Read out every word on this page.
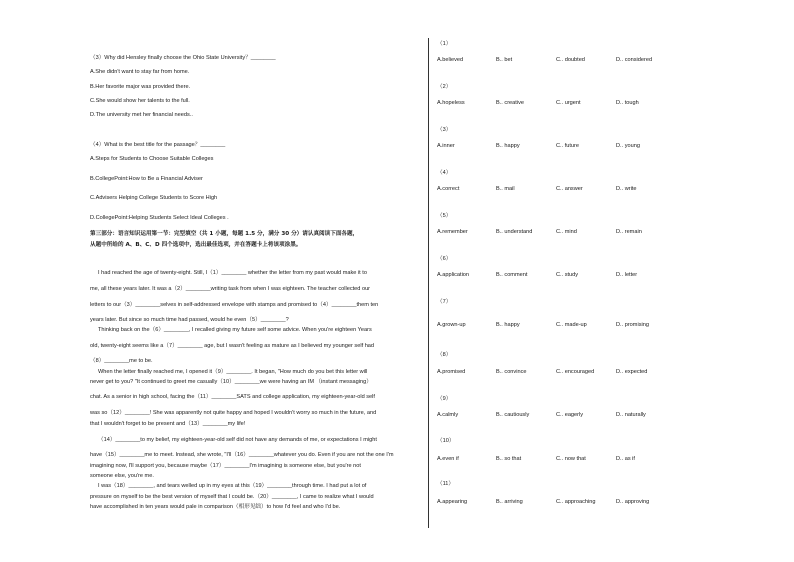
（3）Why did Hensley finally choose the Ohio State University？________
A.She didn't want to stay far from home.
B.Her favorite major was provided there.
C.She would show her talents to the full.
D.The university met her financial needs..
（4）What is the best title for the passage？________
A.Steps for Students to Choose Suitable Colleges
B.CollegePoint:How to Be a Financial Adviser
C.Advisers Helping College Students to Score High
D.CollegePoint:Helping Students Select Ideal Colleges .
第三部分：语言知识运用第一节：完型填空（共 1 小题，每题 1.5 分，满分 30 分）请认真阅读下面各题，
从题中所给的 A、B、C、D 四个选项中，选出最佳选项，并在答题卡上将该项涂黑。
I had reached the age of twenty-eight. Still, I（1）________ whether the letter from my past would make it to
me, all these years later. It was a（2）________writing task from when I was eighteen. The teacher collected our
letters to our（3）________selves in self-addressed envelope with stamps and promised to（4）________them ten
years later. But since so much time had passed, would he even（5）________?
Thinking back on the（6）________, I recalled giving my future self some advice. When you're eighteen Years
old, twenty-eight seems like a（7）________ age, but I wasn't feeling as mature as I believed my younger self had
（8）________me to be.
When the letter finally reached me, I opened it（9）________. It began, "How much do you bet this letter will
never get to you? "It continued to greet me casually（10）________we were having an IM （instant messaging）
chat. As a senior in high school, facing the（11）________SATS and college application, my eighteen-year-old self
was so（12）________! She was apparently not quite happy and hoped I wouldn't worry so much in the future, and
that I wouldn't forget to be present and（13）________my life!
（14）________to my belief, my eighteen-year-old self did not have any demands of me, or expectations I might
have（15）________me to meet. Instead, she wrote, "I'll（16）________whatever you do. Even if you are not the one I'm
imagining now, I'll support you, because maybe（17）________I'm imagining is someone else, but you're not
someone else, you're me.
I was（18）________, and tears welled up in my eyes at this（19）________through time. I had put a lot of
pressure on myself to be the best version of myself that I could be.（20）________, I came to realize what I would
have accomplished in ten years would pale in comparison（相形见绌）to how I'd feel and who I'd be.
（1）
A.believed	B.. bet	C.. doubted	D.. considered
（2）
A.hopeless	B.. creative	C.. urgent	D.. tough
（3）
A.inner	B.. happy	C.. future	D.. young
（4）
A.correct	B.. mail	C.. answer	D.. write
（5）
A.remember	B.. understand	C.. mind	D.. remain
（6）
A.application	B.. comment	C.. study	D.. letter
（7）
A.grown-up	B.. happy	C.. made-up	D.. promising
（8）
A.promised	B.. convince	C.. encouraged	D.. expected
（9）
A.calmly	B.. cautiously	C.. eagerly	D.. naturally
（10）
A.even if	B.. so that	C.. now that	D.. as if
（11）
A.appearing	B.. arriving	C.. approaching	D.. approving
